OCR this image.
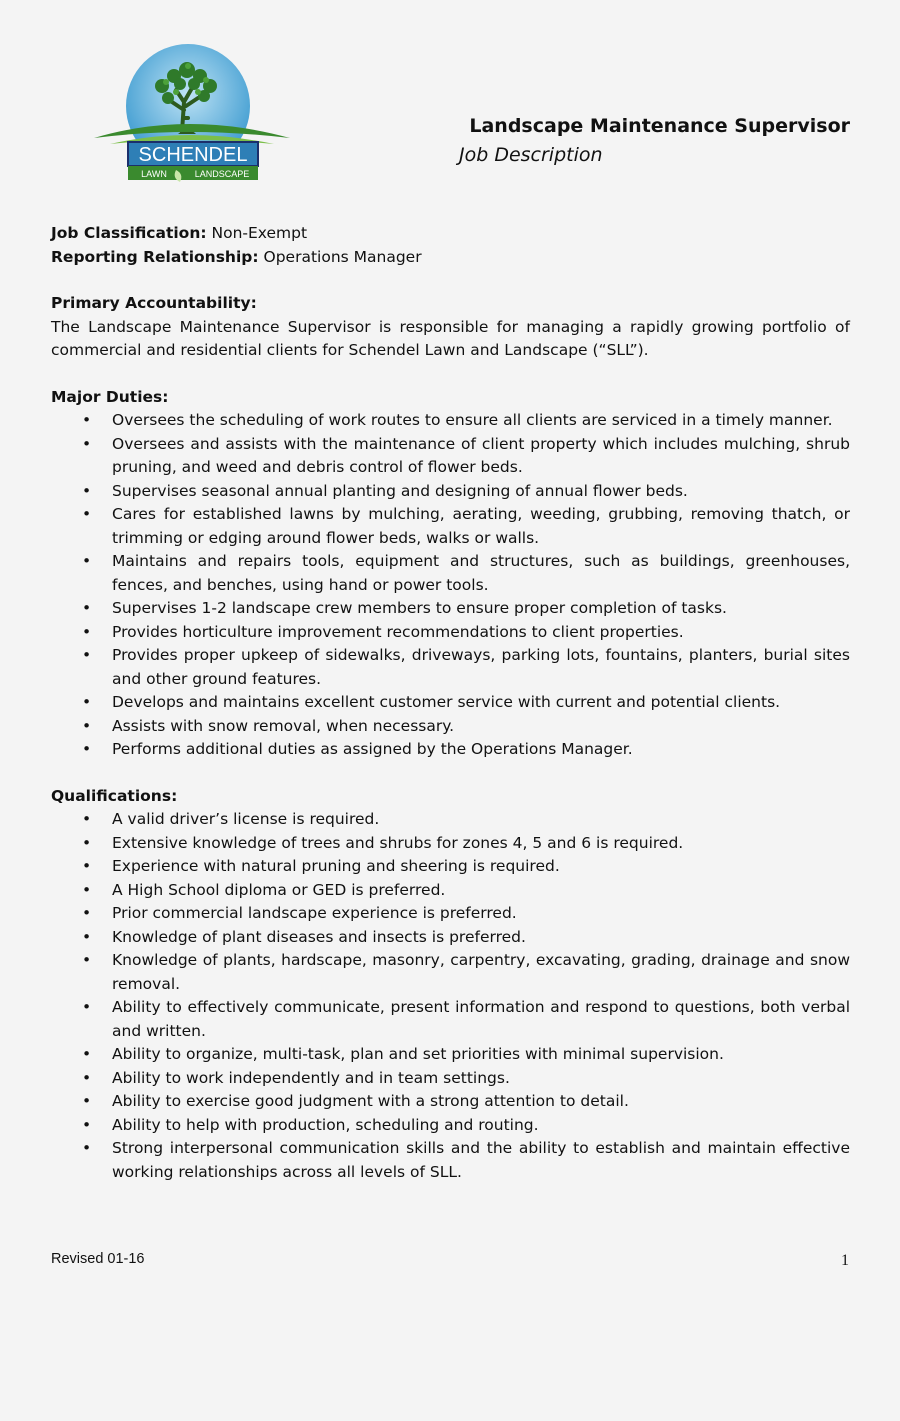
SCHENDEL
LAWN	LANDSCAPE

Landscape Maintenance Supervisor

Job Description

Job Classification: Non-Exempt

Reporting Relationship: Operations Manager

Primary Accountability:

The Landscape Maintenance Supervisor is responsible for managing a rapidly growing portfolio of commercial and residential clients for Schendel Lawn and Landscape (“SLL”).

Major Duties:

• Oversees the scheduling of work routes to ensure all clients are serviced in a timely manner.
• Oversees and assists with the maintenance of client property which includes mulching, shrub pruning, and weed and debris control of flower beds.
• Supervises seasonal annual planting and designing of annual flower beds.
• Cares for established lawns by mulching, aerating, weeding, grubbing, removing thatch, or trimming or edging around flower beds, walks or walls.
• Maintains and repairs tools, equipment and structures, such as buildings, greenhouses, fences, and benches, using hand or power tools.
• Supervises 1-2 landscape crew members to ensure proper completion of tasks.
• Provides horticulture improvement recommendations to client properties.
• Provides proper upkeep of sidewalks, driveways, parking lots, fountains, planters, burial sites and other ground features.
• Develops and maintains excellent customer service with current and potential clients.
• Assists with snow removal, when necessary.
• Performs additional duties as assigned by the Operations Manager.

Qualifications:

• A valid driver’s license is required.
• Extensive knowledge of trees and shrubs for zones 4, 5 and 6 is required.
• Experience with natural pruning and sheering is required.
• A High School diploma or GED is preferred.
• Prior commercial landscape experience is preferred.
• Knowledge of plant diseases and insects is preferred.
• Knowledge of plants, hardscape, masonry, carpentry, excavating, grading, drainage and snow removal.
• Ability to effectively communicate, present information and respond to questions, both verbal and written.
• Ability to organize, multi-task, plan and set priorities with minimal supervision.
• Ability to work independently and in team settings.
• Ability to exercise good judgment with a strong attention to detail.
• Ability to help with production, scheduling and routing.
• Strong interpersonal communication skills and the ability to establish and maintain effective working relationships across all levels of SLL.
Revised 01-16	1
